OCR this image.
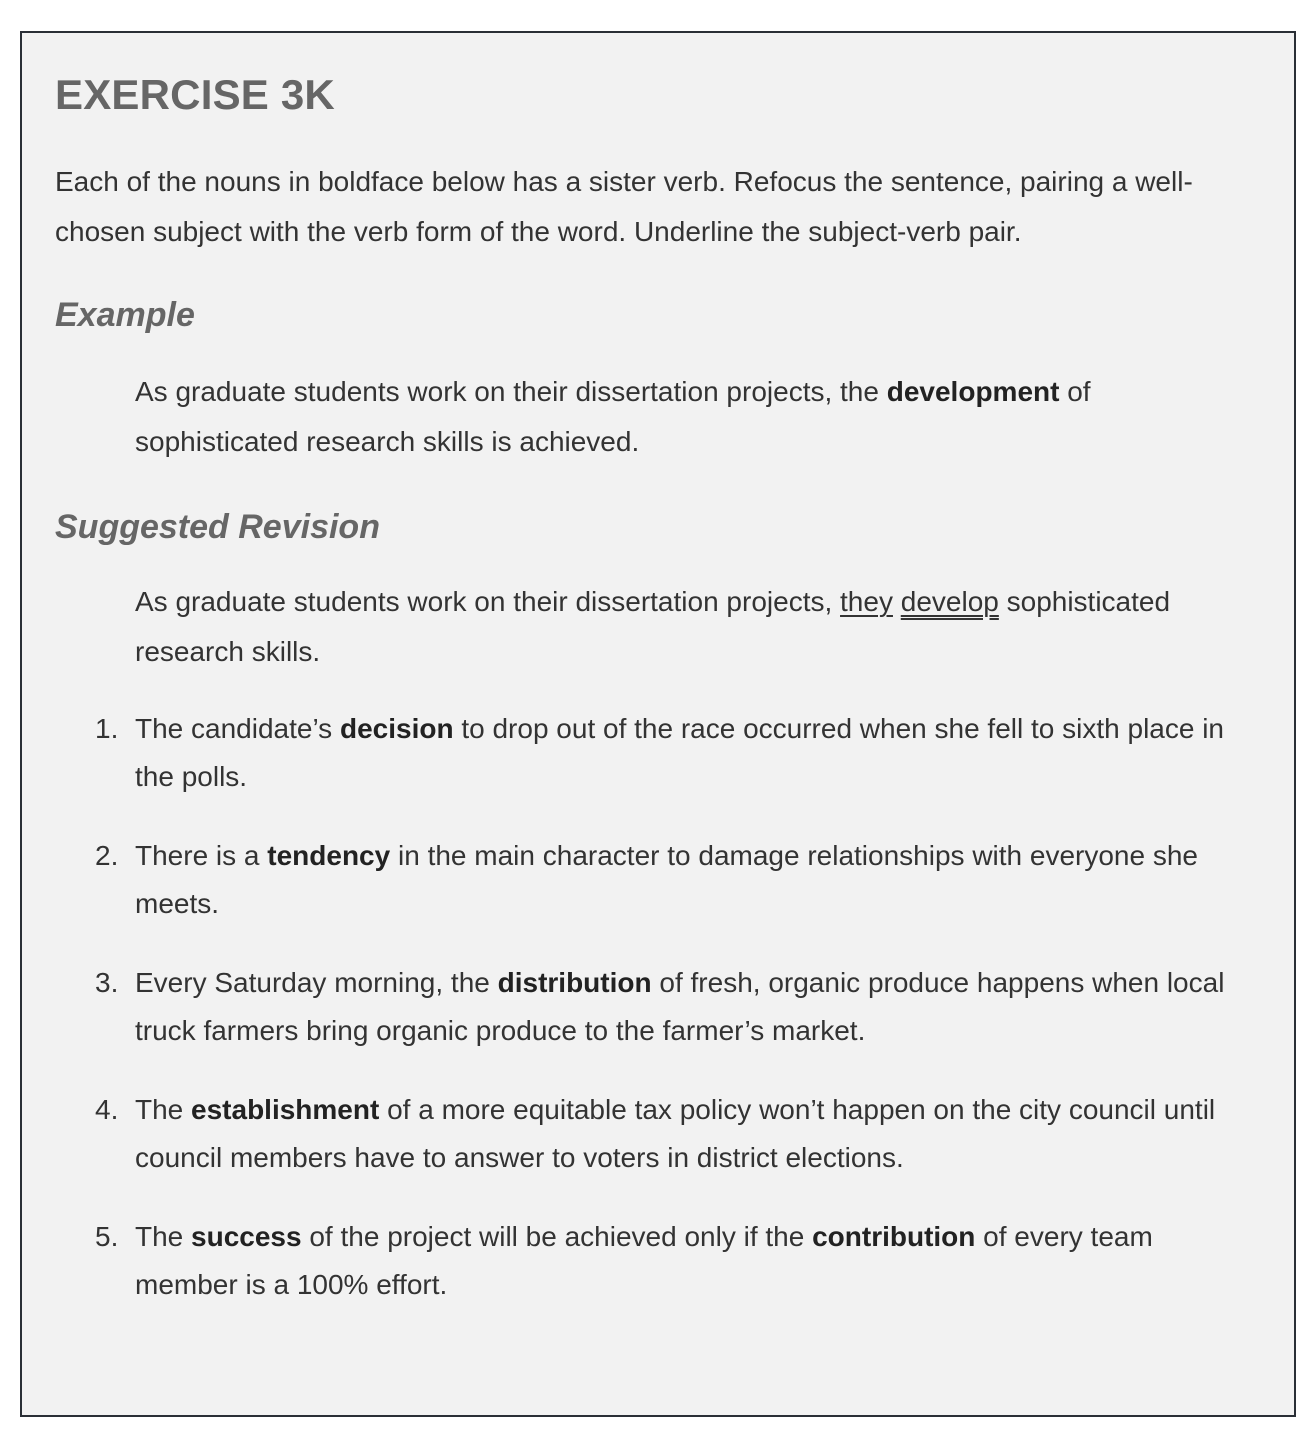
EXERCISE 3K

Each of the nouns in boldface below has a sister verb. Refocus the sentence, pairing a well-chosen subject with the verb form of the word. Underline the subject-verb pair.

Example

As graduate students work on their dissertation projects, the development of sophisticated research skills is achieved.

Suggested Revision

As graduate students work on their dissertation projects, they develop sophisticated research skills.

1. The candidate’s decision to drop out of the race occurred when she fell to sixth place in the polls.
2. There is a tendency in the main character to damage relationships with everyone she meets.
3. Every Saturday morning, the distribution of fresh, organic produce happens when local truck farmers bring organic produce to the farmer’s market.
4. The establishment of a more equitable tax policy won’t happen on the city council until council members have to answer to voters in district elections.
5. The success of the project will be achieved only if the contribution of every team member is a 100% effort.
